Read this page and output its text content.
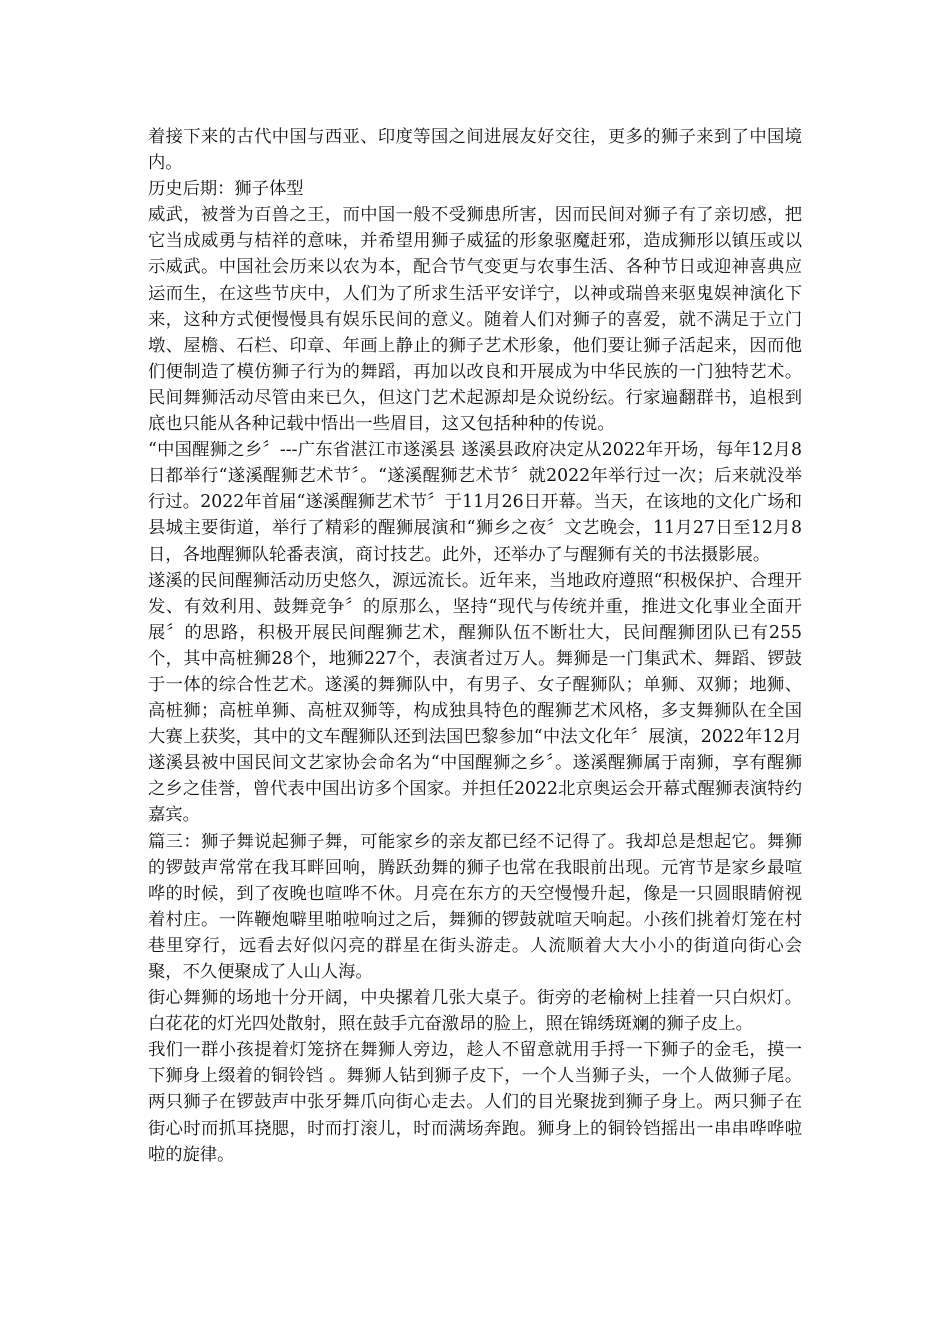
着接下来的古代中国与西亚、印度等国之间进展友好交往，更多的狮子来到了中国境内。

历史后期：狮子体型

威武，被誉为百兽之王，而中国一般不受狮患所害，因而民间对狮子有了亲切感，把它当成威勇与桔祥的意味，并希望用狮子威猛的形象驱魔赶邪，造成狮形以镇压或以示威武。中国社会历来以农为本，配合节气变更与农事生活、各种节日或迎神喜典应运而生，在这些节庆中，人们为了所求生活平安详宁，以神或瑞兽来驱鬼娱神演化下来，这种方式便慢慢具有娱乐民间的意义。随着人们对狮子的喜爱，就不满足于立门墩、屋檐、石栏、印章、年画上静止的狮子艺术形象，他们要让狮子活起来，因而他们便制造了模仿狮子行为的舞蹈，再加以改良和开展成为中华民族的一门独特艺术。民间舞狮活动尽管由来已久，但这门艺术起源却是众说纷纭。行家遍翻群书，追根到底也只能从各种记载中悟出一些眉目，这又包括种种的传说。

“中国醒狮之乡〞---广东省湛江市遂溪县 遂溪县政府决定从2022年开场，每年12月8日都举行“遂溪醒狮艺术节〞。“遂溪醒狮艺术节〞就2022年举行过一次；后来就没举行过。2022年首届“遂溪醒狮艺术节〞于11月26日开幕。当天，在该地的文化广场和县城主要街道，举行了精彩的醒狮展演和“狮乡之夜〞文艺晚会，11月27日至12月8日，各地醒狮队轮番表演，商讨技艺。此外，还举办了与醒狮有关的书法摄影展。

遂溪的民间醒狮活动历史悠久，源远流长。近年来，当地政府遵照“积极保护、合理开发、有效利用、鼓舞竞争〞的原那么，坚持“现代与传统并重，推进文化事业全面开展〞的思路，积极开展民间醒狮艺术，醒狮队伍不断壮大，民间醒狮团队已有255个，其中高桩狮28个，地狮227个，表演者过万人。舞狮是一门集武术、舞蹈、锣鼓于一体的综合性艺术。遂溪的舞狮队中，有男子、女子醒狮队；单狮、双狮；地狮、高桩狮；高桩单狮、高桩双狮等，构成独具特色的醒狮艺术风格，多支舞狮队在全国大赛上获奖，其中的文车醒狮队还到法国巴黎参加“中法文化年〞展演，2022年12月遂溪县被中国民间文艺家协会命名为“中国醒狮之乡〞。遂溪醒狮属于南狮，享有醒狮之乡之佳誉，曾代表中国出访多个国家。并担任2022北京奥运会开幕式醒狮表演特约嘉宾。

篇三：狮子舞说起狮子舞，可能家乡的亲友都已经不记得了。我却总是想起它。舞狮的锣鼓声常常在我耳畔回响，腾跃劲舞的狮子也常在我眼前出现。元宵节是家乡最喧哗的时候，到了夜晚也喧哗不休。月亮在东方的天空慢慢升起，像是一只圆眼睛俯视着村庄。一阵鞭炮噼里啪啦响过之后，舞狮的锣鼓就喧天响起。小孩们挑着灯笼在村巷里穿行，远看去好似闪亮的群星在街头游走。人流顺着大大小小的街道向街心会聚，不久便聚成了人山人海。

街心舞狮的场地十分开阔，中央摞着几张大桌子。街旁的老榆树上挂着一只白炽灯。白花花的灯光四处散射，照在鼓手亢奋激昂的脸上，照在锦绣斑斓的狮子皮上。

我们一群小孩提着灯笼挤在舞狮人旁边，趁人不留意就用手捋一下狮子的金毛，摸一下狮身上缀着的铜铃铛 。舞狮人钻到狮子皮下，一个人当狮子头，一个人做狮子尾。两只狮子在锣鼓声中张牙舞爪向街心走去。人们的目光聚拢到狮子身上。两只狮子在街心时而抓耳挠腮，时而打滚儿，时而满场奔跑。狮身上的铜铃铛摇出一串串哗哗啦啦的旋律。
